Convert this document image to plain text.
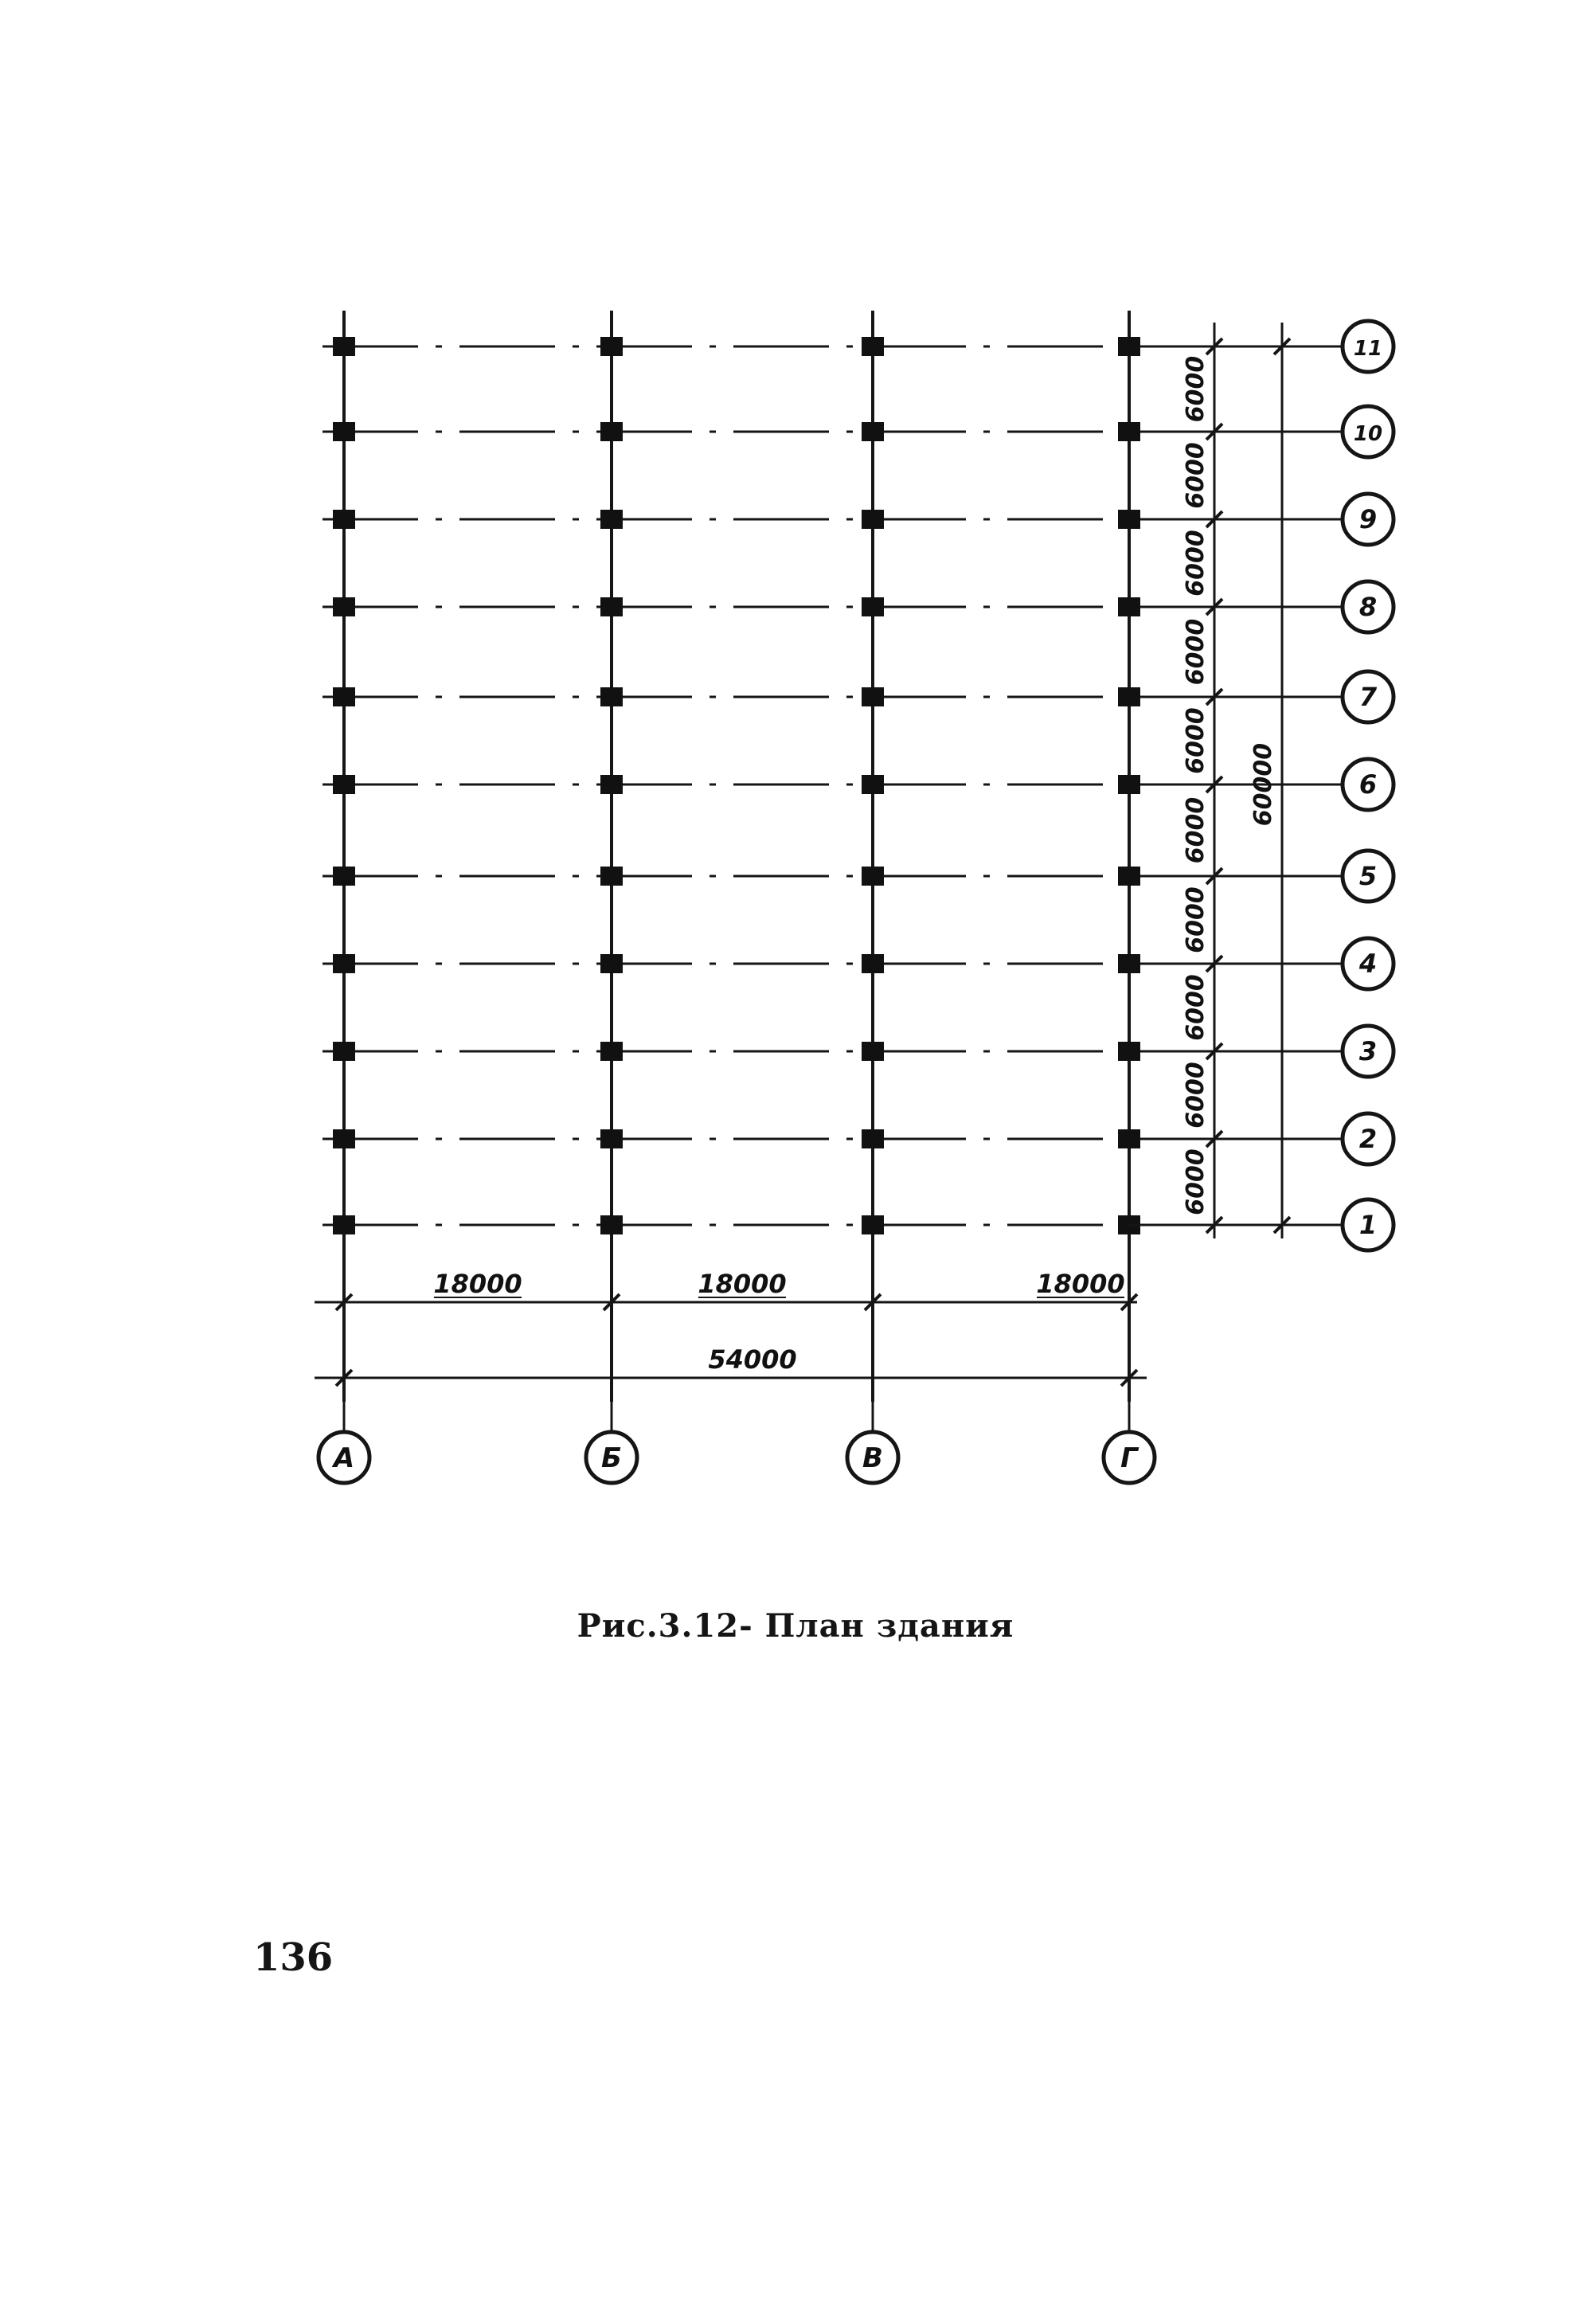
18000	18000	18000
54000
6000
6000
6000
6000
6000
6000
6000
6000
6000
6000
60000
А	Б	В	Г
1
2
3
4
5
6
7
8
9
10
11
Рис.3.12- План здания
136
